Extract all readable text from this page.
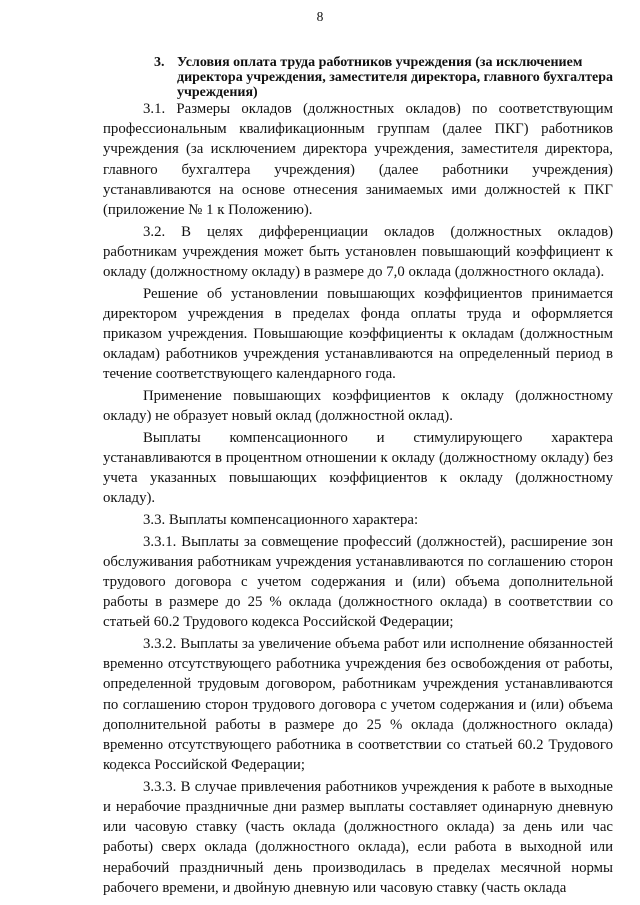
8
3. Условия оплата труда работников учреждения (за исключением директора учреждения, заместителя директора, главного бухгалтера учреждения)

3.1. Размеры окладов (должностных окладов) по соответствующим профессиональным квалификационным группам (далее ПКГ) работников учреждения (за исключением директора учреждения, заместителя директора, главного бухгалтера учреждения) (далее работники учреждения) устанавливаются на основе отнесения занимаемых ими должностей к ПКГ (приложение № 1 к Положению).

3.2. В целях дифференциации окладов (должностных окладов) работникам учреждения может быть установлен повышающий коэффициент к окладу (должностному окладу) в размере до 7,0 оклада (должностного оклада).

Решение об установлении повышающих коэффициентов принимается директором учреждения в пределах фонда оплаты труда и оформляется приказом учреждения. Повышающие коэффициенты к окладам (должностным окладам) работников учреждения устанавливаются на определенный период в течение соответствующего календарного года.

Применение повышающих коэффициентов к окладу (должностному окладу) не образует новый оклад (должностной оклад).

Выплаты компенсационного и стимулирующего характера устанавливаются в процентном отношении к окладу (должностному окладу) без учета указанных повышающих коэффициентов к окладу (должностному окладу).

3.3. Выплаты компенсационного характера:

3.3.1. Выплаты за совмещение профессий (должностей), расширение зон обслуживания работникам учреждения устанавливаются по соглашению сторон трудового договора с учетом содержания и (или) объема дополнительной работы в размере до 25 % оклада (должностного оклада) в соответствии со статьей 60.2 Трудового кодекса Российской Федерации;

3.3.2. Выплаты за увеличение объема работ или исполнение обязанностей временно отсутствующего работника учреждения без освобождения от работы, определенной трудовым договором, работникам учреждения устанавливаются по соглашению сторон трудового договора с учетом содержания и (или) объема дополнительной работы в размере до 25 % оклада (должностного оклада) временно отсутствующего работника в соответствии со статьей 60.2 Трудового кодекса Российской Федерации;

3.3.3. В случае привлечения работников учреждения к работе в выходные и нерабочие праздничные дни размер выплаты составляет одинарную дневную или часовую ставку (часть оклада (должностного оклада) за день или час работы) сверх оклада (должностного оклада), если работа в выходной или нерабочий праздничный день производилась в пределах месячной нормы рабочего времени, и двойную дневную или часовую ставку (часть оклада
